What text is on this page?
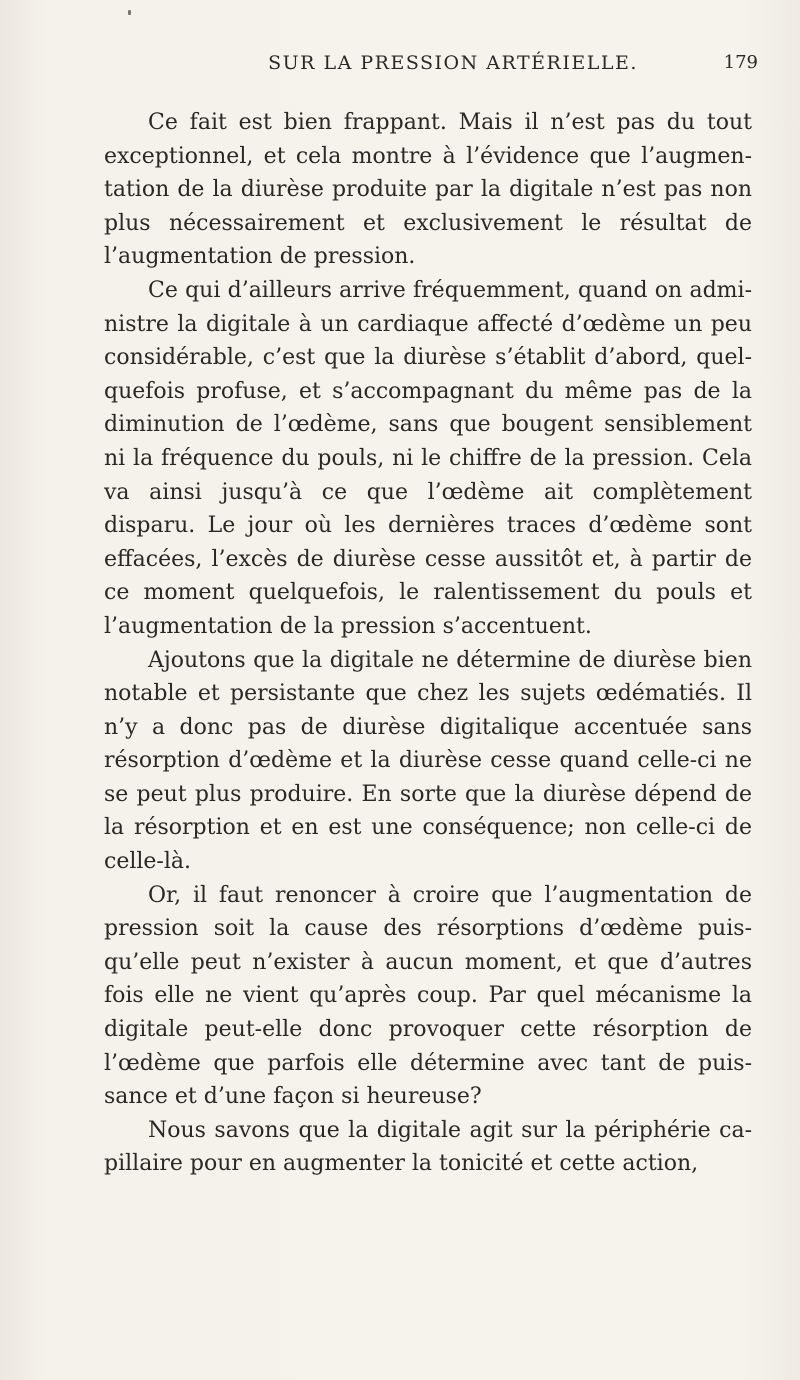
SUR LA PRESSION ARTÉRIELLE.	179

Ce fait est bien frappant. Mais il n’est pas du tout exceptionnel, et cela montre à l’évidence que l’augmentation de la diurèse produite par la digitale n’est pas non plus nécessairement et exclusivement le résultat de l’augmentation de pression.

Ce qui d’ailleurs arrive fréquemment, quand on administre la digitale à un cardiaque affecté d’œdème un peu considérable, c’est que la diurèse s’établit d’abord, quelquefois profuse, et s’accompagnant du même pas de la diminution de l’œdème, sans que bougent sensiblement ni la fréquence du pouls, ni le chiffre de la pression. Cela va ainsi jusqu’à ce que l’œdème ait complètement disparu. Le jour où les dernières traces d’œdème sont effacées, l’excès de diurèse cesse aussitôt et, à partir de ce moment quelquefois, le ralentissement du pouls et l’augmentation de la pression s’accentuent.

Ajoutons que la digitale ne détermine de diurèse bien notable et persistante que chez les sujets œdématiés. Il n’y a donc pas de diurèse digitalique accentuée sans résorption d’œdème et la diurèse cesse quand celle-ci ne se peut plus produire. En sorte que la diurèse dépend de la résorption et en est une conséquence; non celle-ci de celle-là.

Or, il faut renoncer à croire que l’augmentation de pression soit la cause des résorptions d’œdème puisqu’elle peut n’exister à aucun moment, et que d’autres fois elle ne vient qu’après coup. Par quel mécanisme la digitale peut-elle donc provoquer cette résorption de l’œdème que parfois elle détermine avec tant de puissance et d’une façon si heureuse?

Nous savons que la digitale agit sur la périphérie capillaire pour en augmenter la tonicité et cette action,
